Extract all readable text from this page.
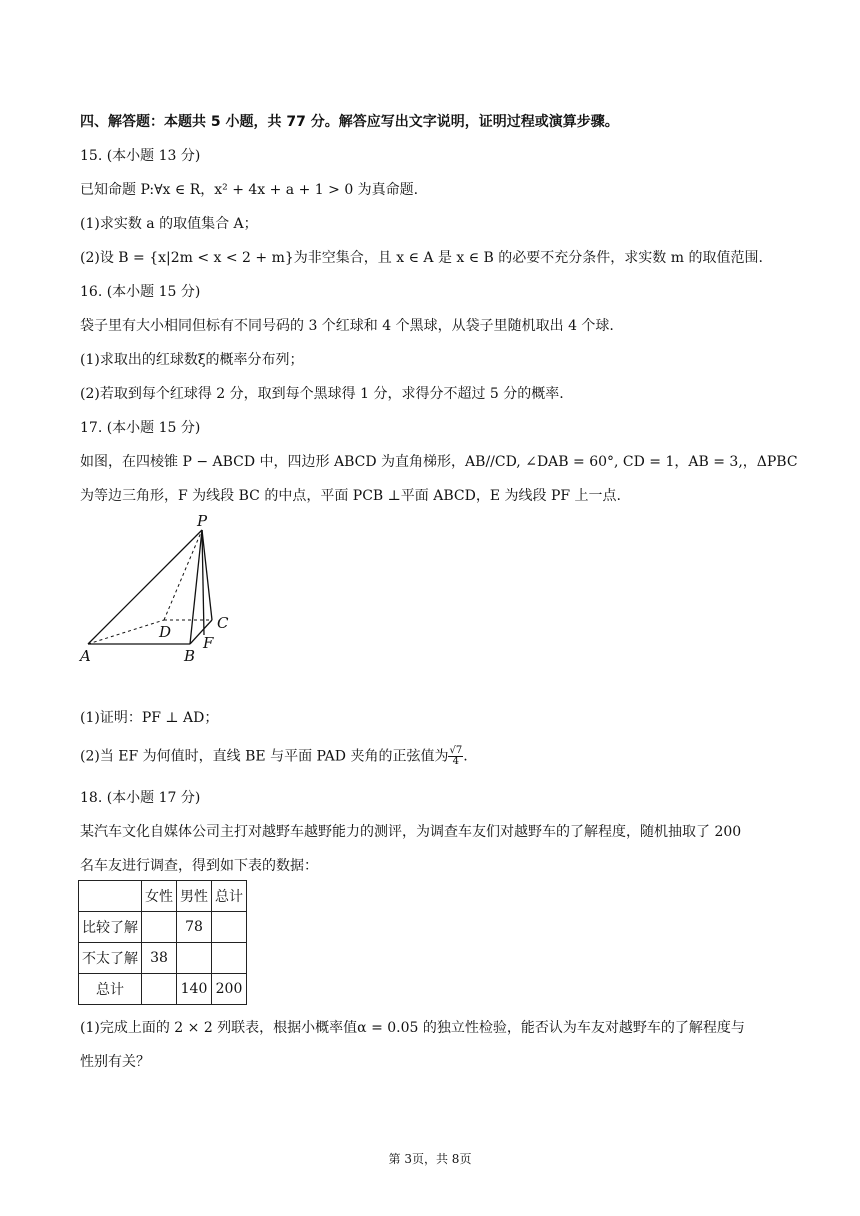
四、解答题：本题共 5 小题，共 77 分。解答应写出文字说明，证明过程或演算步骤。
15. (本小题 13 分)
已知命题 P:∀x ∈ R，x² + 4x + a + 1 > 0 为真命题.
(1)求实数 a 的取值集合 A；
(2)设 B = {x|2m < x < 2 + m}为非空集合，且 x ∈ A 是 x ∈ B 的必要不充分条件，求实数 m 的取值范围.
16. (本小题 15 分)
袋子里有大小相同但标有不同号码的 3 个红球和 4 个黑球，从袋子里随机取出 4 个球.
(1)求取出的红球数ξ的概率分布列；
(2)若取到每个红球得 2 分，取到每个黑球得 1 分，求得分不超过 5 分的概率.
17. (本小题 15 分)
如图，在四棱锥 P − ABCD 中，四边形 ABCD 为直角梯形，AB//CD, ∠DAB = 60°, CD = 1，AB = 3,，ΔPBC
为等边三角形，F 为线段 BC 的中点，平面 PCB ⊥平面 ABCD，E 为线段 PF 上一点.
P
A	B
C
D
F
(1)证明：PF ⊥ AD；
(2)当 EF 为何值时，直线 BE 与平面 PAD 夹角的正弦值为 $\frac{√7}{4}$ .
18. (本小题 17 分)
某汽车文化自媒体公司主打对越野车越野能力的测评，为调查车友们对越野车的了解程度，随机抽取了 200
名车友进行调查，得到如下表的数据：
	女性	男性	总计
比较了解		78	
不太了解	38		
总计		140	200
(1)完成上面的 2 × 2 列联表，根据小概率值α = 0.05 的独立性检验，能否认为车友对越野车的了解程度与
性别有关？
第 3页，共 8页
